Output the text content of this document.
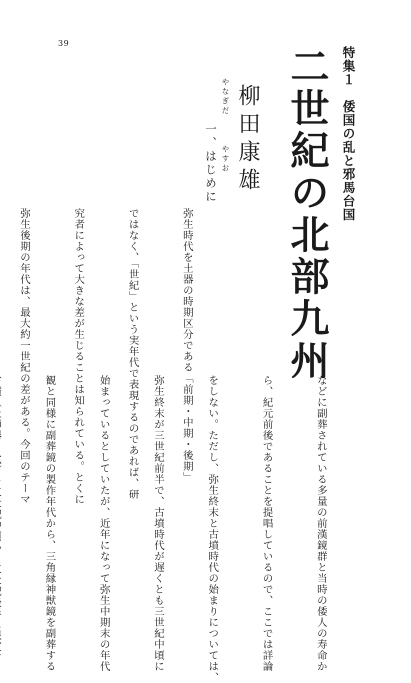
39
特集１　倭国の乱と邪馬台国
二世紀の北部九州
やなぎだ  やすお 柳田康雄
一、はじめに

弥生時代を土器の時期区分である「前期・中期・後期」

ではなく、「世紀」という実年代で表現するのであれば、研

究者によって大きな差が生じることは知られている。とくに

弥生後期の年代は、最大約一世紀の差がある。今回のテーマ

などに副葬されている多量の前漢鏡群と当時の倭人の寿命か

ら、紀元前後であることを提唱しているので、ここでは詳論

をしない。ただし、弥生終末と古墳時代の始まりについては、

弥生終末が三世紀前半で、古墳時代が遅くとも三世紀中頃に

始まっているとしていたが、近年になって弥生中期末の年代

観と同様に副葬鏡の製作年代から、三角縁神獣鏡を副葬する
